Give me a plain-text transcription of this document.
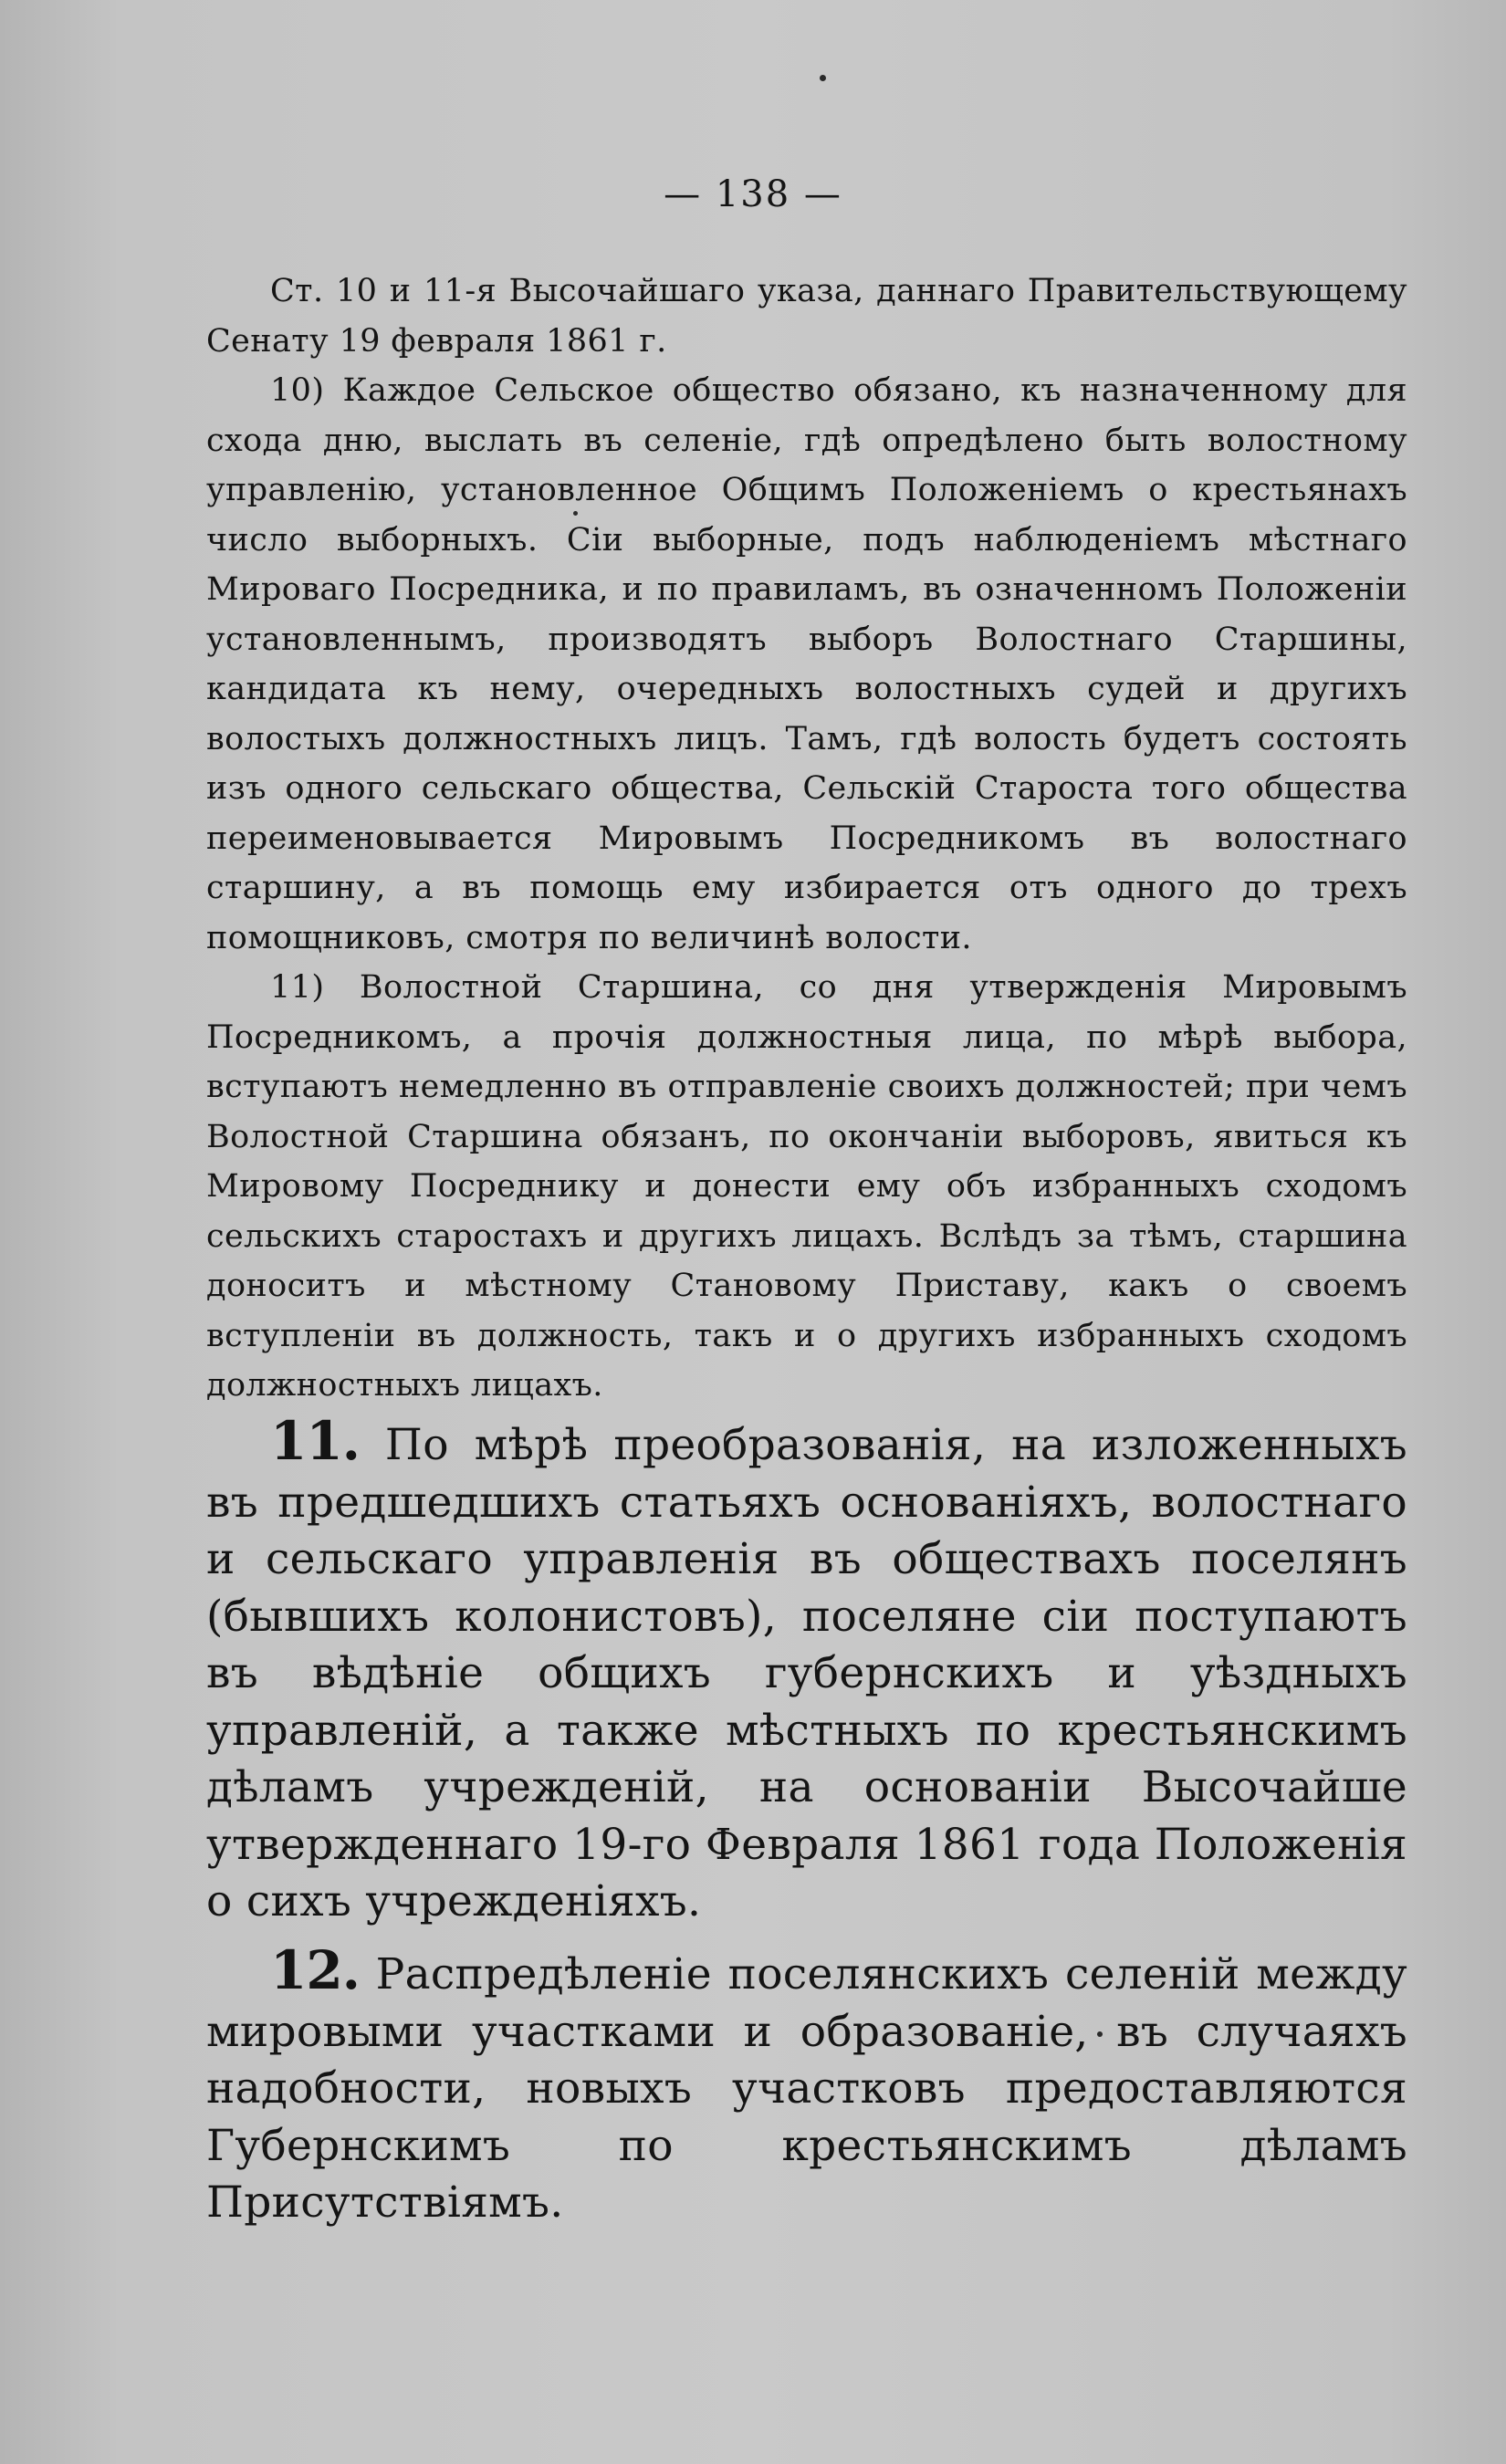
— 138 —

Ст. 10 и 11-я Высочайшаго указа, даннаго Правительствующему Сенату 19 февраля 1861 г.

10) Каждое Сельское общество обязано, къ назначенному для схода дню, выслать въ селеніе, гдѣ опредѣлено быть волостному управленію, установленное Общимъ Положеніемъ о крестьянахъ число выборныхъ. Сіи выборные, подъ наблюденіемъ мѣстнаго Мироваго Посредника, и по правиламъ, въ означенномъ Положеніи установленнымъ, производятъ выборъ Волостнаго Старшины, кандидата къ нему, очередныхъ волостныхъ судей и другихъ волостыхъ должностныхъ лицъ. Тамъ, гдѣ волость будетъ состоять изъ одного сельскаго общества, Сельскій Староста того общества переименовывается Мировымъ Посредникомъ въ волостнаго старшину, а въ помощь ему избирается отъ одного до трехъ помощниковъ, смотря по величинѣ волости.

11) Волостной Старшина, со дня утвержденія Мировымъ Посредникомъ, а прочія должностныя лица, по мѣрѣ выбора, вступаютъ немедленно въ отправленіе своихъ должностей; при чемъ Волостной Старшина обязанъ, по окончаніи выборовъ, явиться къ Мировому Посреднику и донести ему объ избранныхъ сходомъ сельскихъ старостахъ и другихъ лицахъ. Вслѣдъ за тѣмъ, старшина доноситъ и мѣстному Становому Приставу, какъ о своемъ вступленіи въ должность, такъ и о другихъ избранныхъ сходомъ должностныхъ лицахъ.

11. По мѣрѣ преобразованія, на изложенныхъ въ предшедшихъ статьяхъ основаніяхъ, волостнаго и сельскаго управленія въ обществахъ поселянъ (бывшихъ колонистовъ), поселяне сіи поступаютъ въ вѣдѣніе общихъ губернскихъ и уѣздныхъ управленій, а также мѣстныхъ по крестьянскимъ дѣламъ учрежденій, на основаніи Высочайше утвержденнаго 19-го Февраля 1861 года Положенія о сихъ учрежденіяхъ.

12. Распредѣленіе поселянскихъ селеній между мировыми участками и образованіе, въ случаяхъ надобности, новыхъ участковъ предоставляются Губернскимъ по крестьянскимъ дѣламъ Присутствіямъ.
